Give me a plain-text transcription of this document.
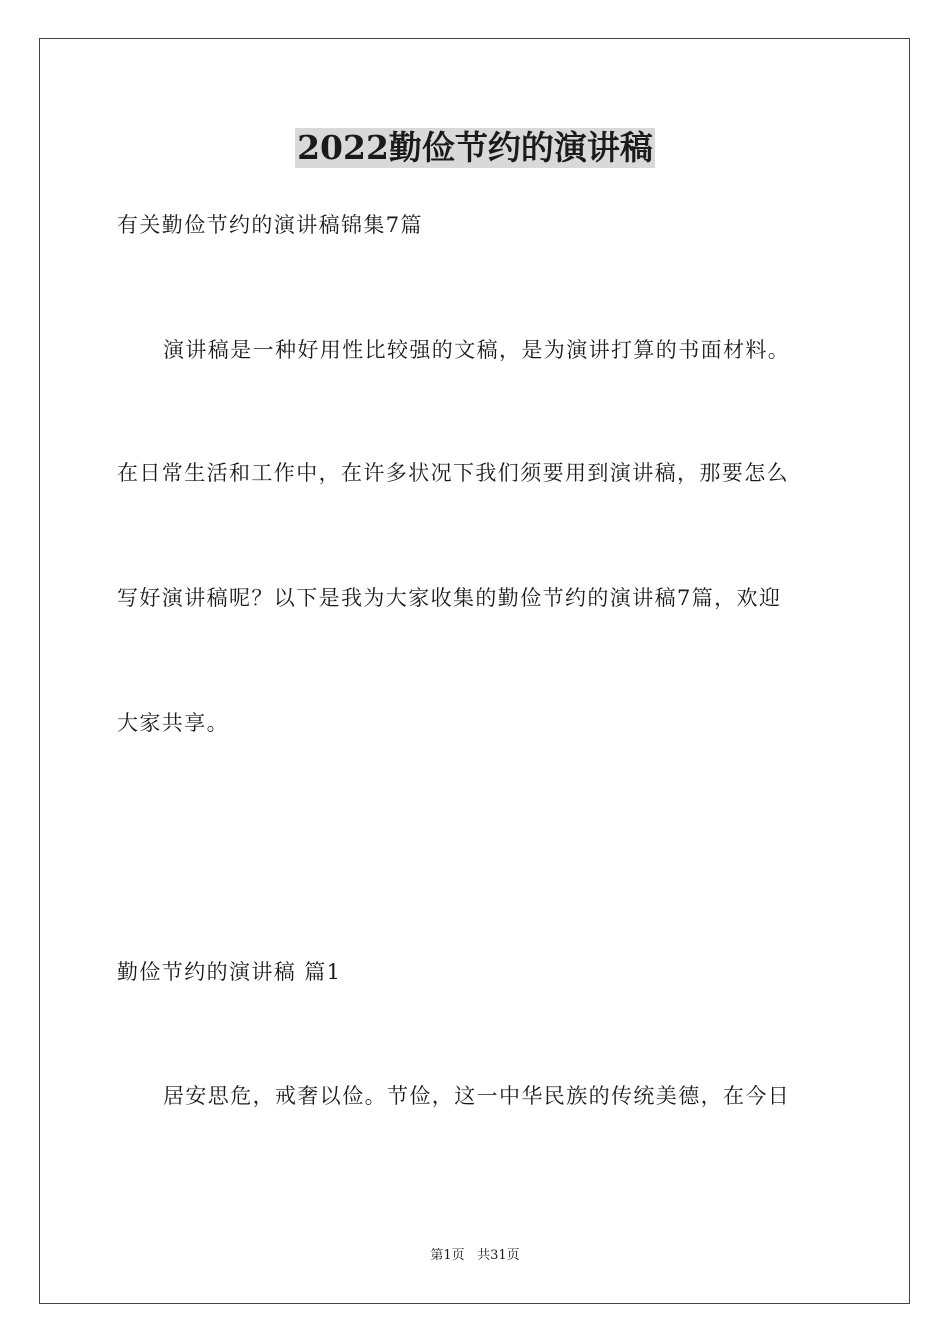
2022勤俭节约的演讲稿
有关勤俭节约的演讲稿锦集7篇
演讲稿是一种好用性比较强的文稿，是为演讲打算的书面材料。
在日常生活和工作中，在许多状况下我们须要用到演讲稿，那要怎么
写好演讲稿呢？以下是我为大家收集的勤俭节约的演讲稿7篇，欢迎
大家共享。
勤俭节约的演讲稿 篇1
居安思危，戒奢以俭。节俭，这一中华民族的传统美德，在今日
第1页 共31页
